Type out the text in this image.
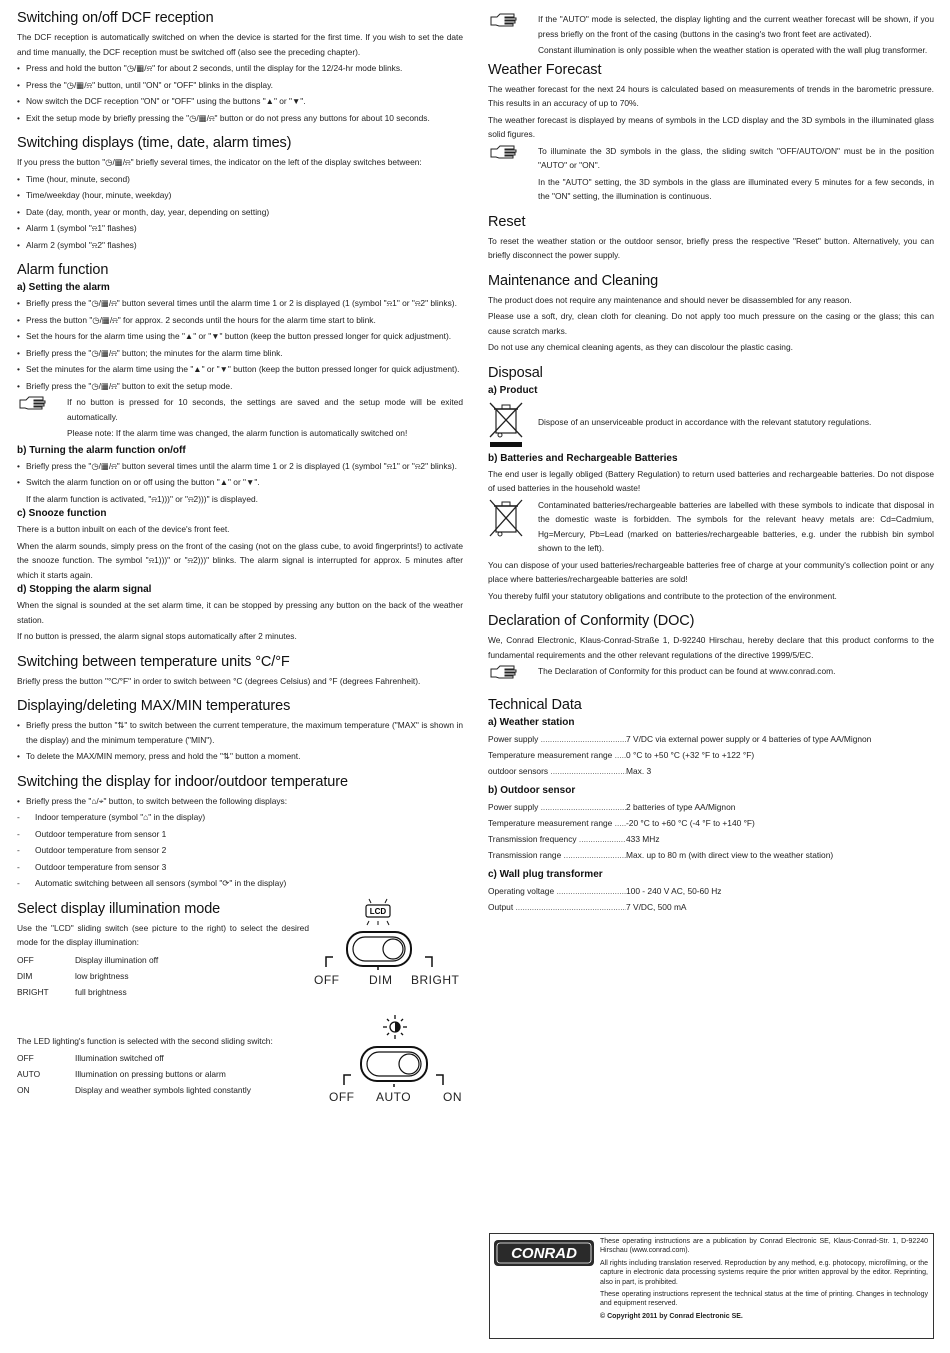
Switching on/off DCF reception

The DCF reception is automatically switched on when the device is started for the first time. If you wish to set the date and time manually, the DCF reception must be switched off (also see the preceding chapter).

• Press and hold the button "◷/▦/⍾" for about 2 seconds, until the display for the 12/24-hr mode blinks.
• Press the "◷/▦/⍾" button, until "ON" or "OFF" blinks in the display.
• Now switch the DCF reception "ON" or "OFF" using the buttons "▲" or "▼".
• Exit the setup mode by briefly pressing the "◷/▦/⍾" button or do not press any buttons for about 10 seconds.
Switching displays (time, date, alarm times)

If you press the button "◷/▦/⍾" briefly several times, the indicator on the left of the display switches between:

• Time (hour, minute, second)
• Time/weekday (hour, minute, weekday)
• Date (day, month, year or month, day, year, depending on setting)
• Alarm 1 (symbol "⍾1" flashes)
• Alarm 2 (symbol "⍾2" flashes)
Alarm function
a) Setting the alarm
• Briefly press the "◷/▦/⍾" button several times until the alarm time 1 or 2 is displayed (1 (symbol "⍾1" or "⍾2" blinks).
• Press the button "◷/▦/⍾" for approx. 2 seconds until the hours for the alarm time start to blink.
• Set the hours for the alarm time using the "▲" or "▼" button (keep the button pressed longer for quick adjustment).
• Briefly press the "◷/▦/⍾" button; the minutes for the alarm time blink.
• Set the minutes for the alarm time using the "▲" or "▼" button (keep the button pressed longer for quick adjustment).
• Briefly press the "◷/▦/⍾" button to exit the setup mode.

If no button is pressed for 10 seconds, the settings are saved and the setup mode will be exited automatically.

Please note: If the alarm time was changed, the alarm function is automatically switched on!

b) Turning the alarm function on/off
• Briefly press the "◷/▦/⍾" button several times until the alarm time 1 or 2 is displayed (1 (symbol "⍾1" or "⍾2" blinks).
• Switch the alarm function on or off using the button "▲" or "▼".

If the alarm function is activated, "⍾1)))" or "⍾2)))" is displayed.

c) Snooze function

There is a button inbuilt on each of the device's front feet.

When the alarm sounds, simply press on the front of the casing (not on the glass cube, to avoid fingerprints!) to activate the snooze function. The symbol "⍾1)))" or "⍾2)))" blinks. The alarm signal is interrupted for approx. 5 minutes after which it starts again.

d) Stopping the alarm signal

When the signal is sounded at the set alarm time, it can be stopped by pressing any button on the back of the weather station.

If no button is pressed, the alarm signal stops automatically after 2 minutes.

Switching between temperature units °C/°F

Briefly press the button "°C/°F" in order to switch between °C (degrees Celsius) and °F (degrees Fahrenheit).

Displaying/deleting MAX/MIN temperatures
• Briefly press the button "⇅" to switch between the current temperature, the maximum temperature ("MAX" is shown in the display) and the minimum temperature ("MIN").
• To delete the MAX/MIN memory, press and hold the "⇅" button a moment.
Switching the display for indoor/outdoor temperature
• Briefly press the "⌂/⌖" button, to switch between the following displays:
- Indoor temperature (symbol "⌂" in the display)
- Outdoor temperature from sensor 1
- Outdoor temperature from sensor 2
- Outdoor temperature from sensor 3
- Automatic switching between all sensors (symbol "⟳" in the display)
Select display illumination mode

Use the "LCD" sliding switch (see picture to the right) to select the desired mode for the display illumination:

OFF	Display illumination off
DIM	low brightness
BRIGHT	full brightness
LCD
OFF DIM BRIGHT

The LED lighting's function is selected with the second sliding switch:

OFF	Illumination switched off
AUTO	Illumination on pressing buttons or alarm
ON	Display and weather symbols lighted constantly	OFF AUTO	ON

If the "AUTO" mode is selected, the display lighting and the current weather forecast will be shown, if you press briefly on the front of the casing (buttons in the casing's two front feet are activated).

Constant illumination is only possible when the weather station is operated with the wall plug transformer.

Weather Forecast

The weather forecast for the next 24 hours is calculated based on measurements of trends in the barometric pressure. This results in an accuracy of up to 70%.

The weather forecast is displayed by means of symbols in the LCD display and the 3D symbols in the illuminated glass solid figures.

To illuminate the 3D symbols in the glass, the sliding switch "OFF/AUTO/ON" must be in the position "AUTO" or "ON".

In the "AUTO" setting, the 3D symbols in the glass are illuminated every 5 minutes for a few seconds, in the "ON" setting, the illumination is continuous.

Reset

To reset the weather station or the outdoor sensor, briefly press the respective "Reset" button. Alternatively, you can briefly disconnect the power supply.

Maintenance and Cleaning

The product does not require any maintenance and should never be disassembled for any reason.

Please use a soft, dry, clean cloth for cleaning. Do not apply too much pressure on the casing or the glass; this can cause scratch marks.

Do not use any chemical cleaning agents, as they can discolour the plastic casing.

Disposal
a) Product

Dispose of an unserviceable product in accordance with the relevant statutory regulations.

b) Batteries and Rechargeable Batteries

The end user is legally obliged (Battery Regulation) to return used batteries and rechargeable batteries. Do not dispose of used batteries in the household waste!

Contaminated batteries/rechargeable batteries are labelled with these symbols to indicate that disposal in the domestic waste is forbidden. The symbols for the relevant heavy metals are: Cd=Cadmium, Hg=Mercury, Pb=Lead (marked on batteries/rechargeable batteries, e.g. under the rubbish bin symbol shown to the left).

You can dispose of your used batteries/rechargeable batteries free of charge at your community's collection point or any place where batteries/rechargeable batteries are sold!

You thereby fulfil your statutory obligations and contribute to the protection of the environment.

Declaration of Conformity (DOC)

We, Conrad Electronic, Klaus-Conrad-Straße 1, D-92240 Hirschau, hereby declare that this product conforms to the fundamental requirements and the other relevant regulations of the directive 1999/5/EC.

The Declaration of Conformity for this product can be found at www.conrad.com.

Technical Data
a) Weather station
Power supply .....	7 V/DC via external power supply or 4 batteries of type AA/Mignon
Temperature measurement range .....	0 °C to +50 °C (+32 °F to +122 °F)
outdoor sensors .....	Max. 3
b) Outdoor sensor
Power supply .....	2 batteries of type AA/Mignon
Temperature measurement range .....	-20 °C to +60 °C (-4 °F to +140 °F)
Transmission frequency .....	433 MHz
Transmission range .....	Max. up to 80 m (with direct view to the weather station)
c) Wall plug transformer
Operating voltage .....	100 - 240 V AC, 50-60 Hz
Output .....	7 V/DC, 500 mA
CONRAD

These operating instructions are a publication by Conrad Electronic SE, Klaus-Conrad-Str. 1, D-92240 Hirschau (www.conrad.com).

All rights including translation reserved. Reproduction by any method, e.g. photocopy, microfilming, or the capture in electronic data processing systems require the prior written approval by the editor. Reprinting, also in part, is prohibited.

These operating instructions represent the technical status at the time of printing. Changes in technology and equipment reserved.

© Copyright 2011 by Conrad Electronic SE.
